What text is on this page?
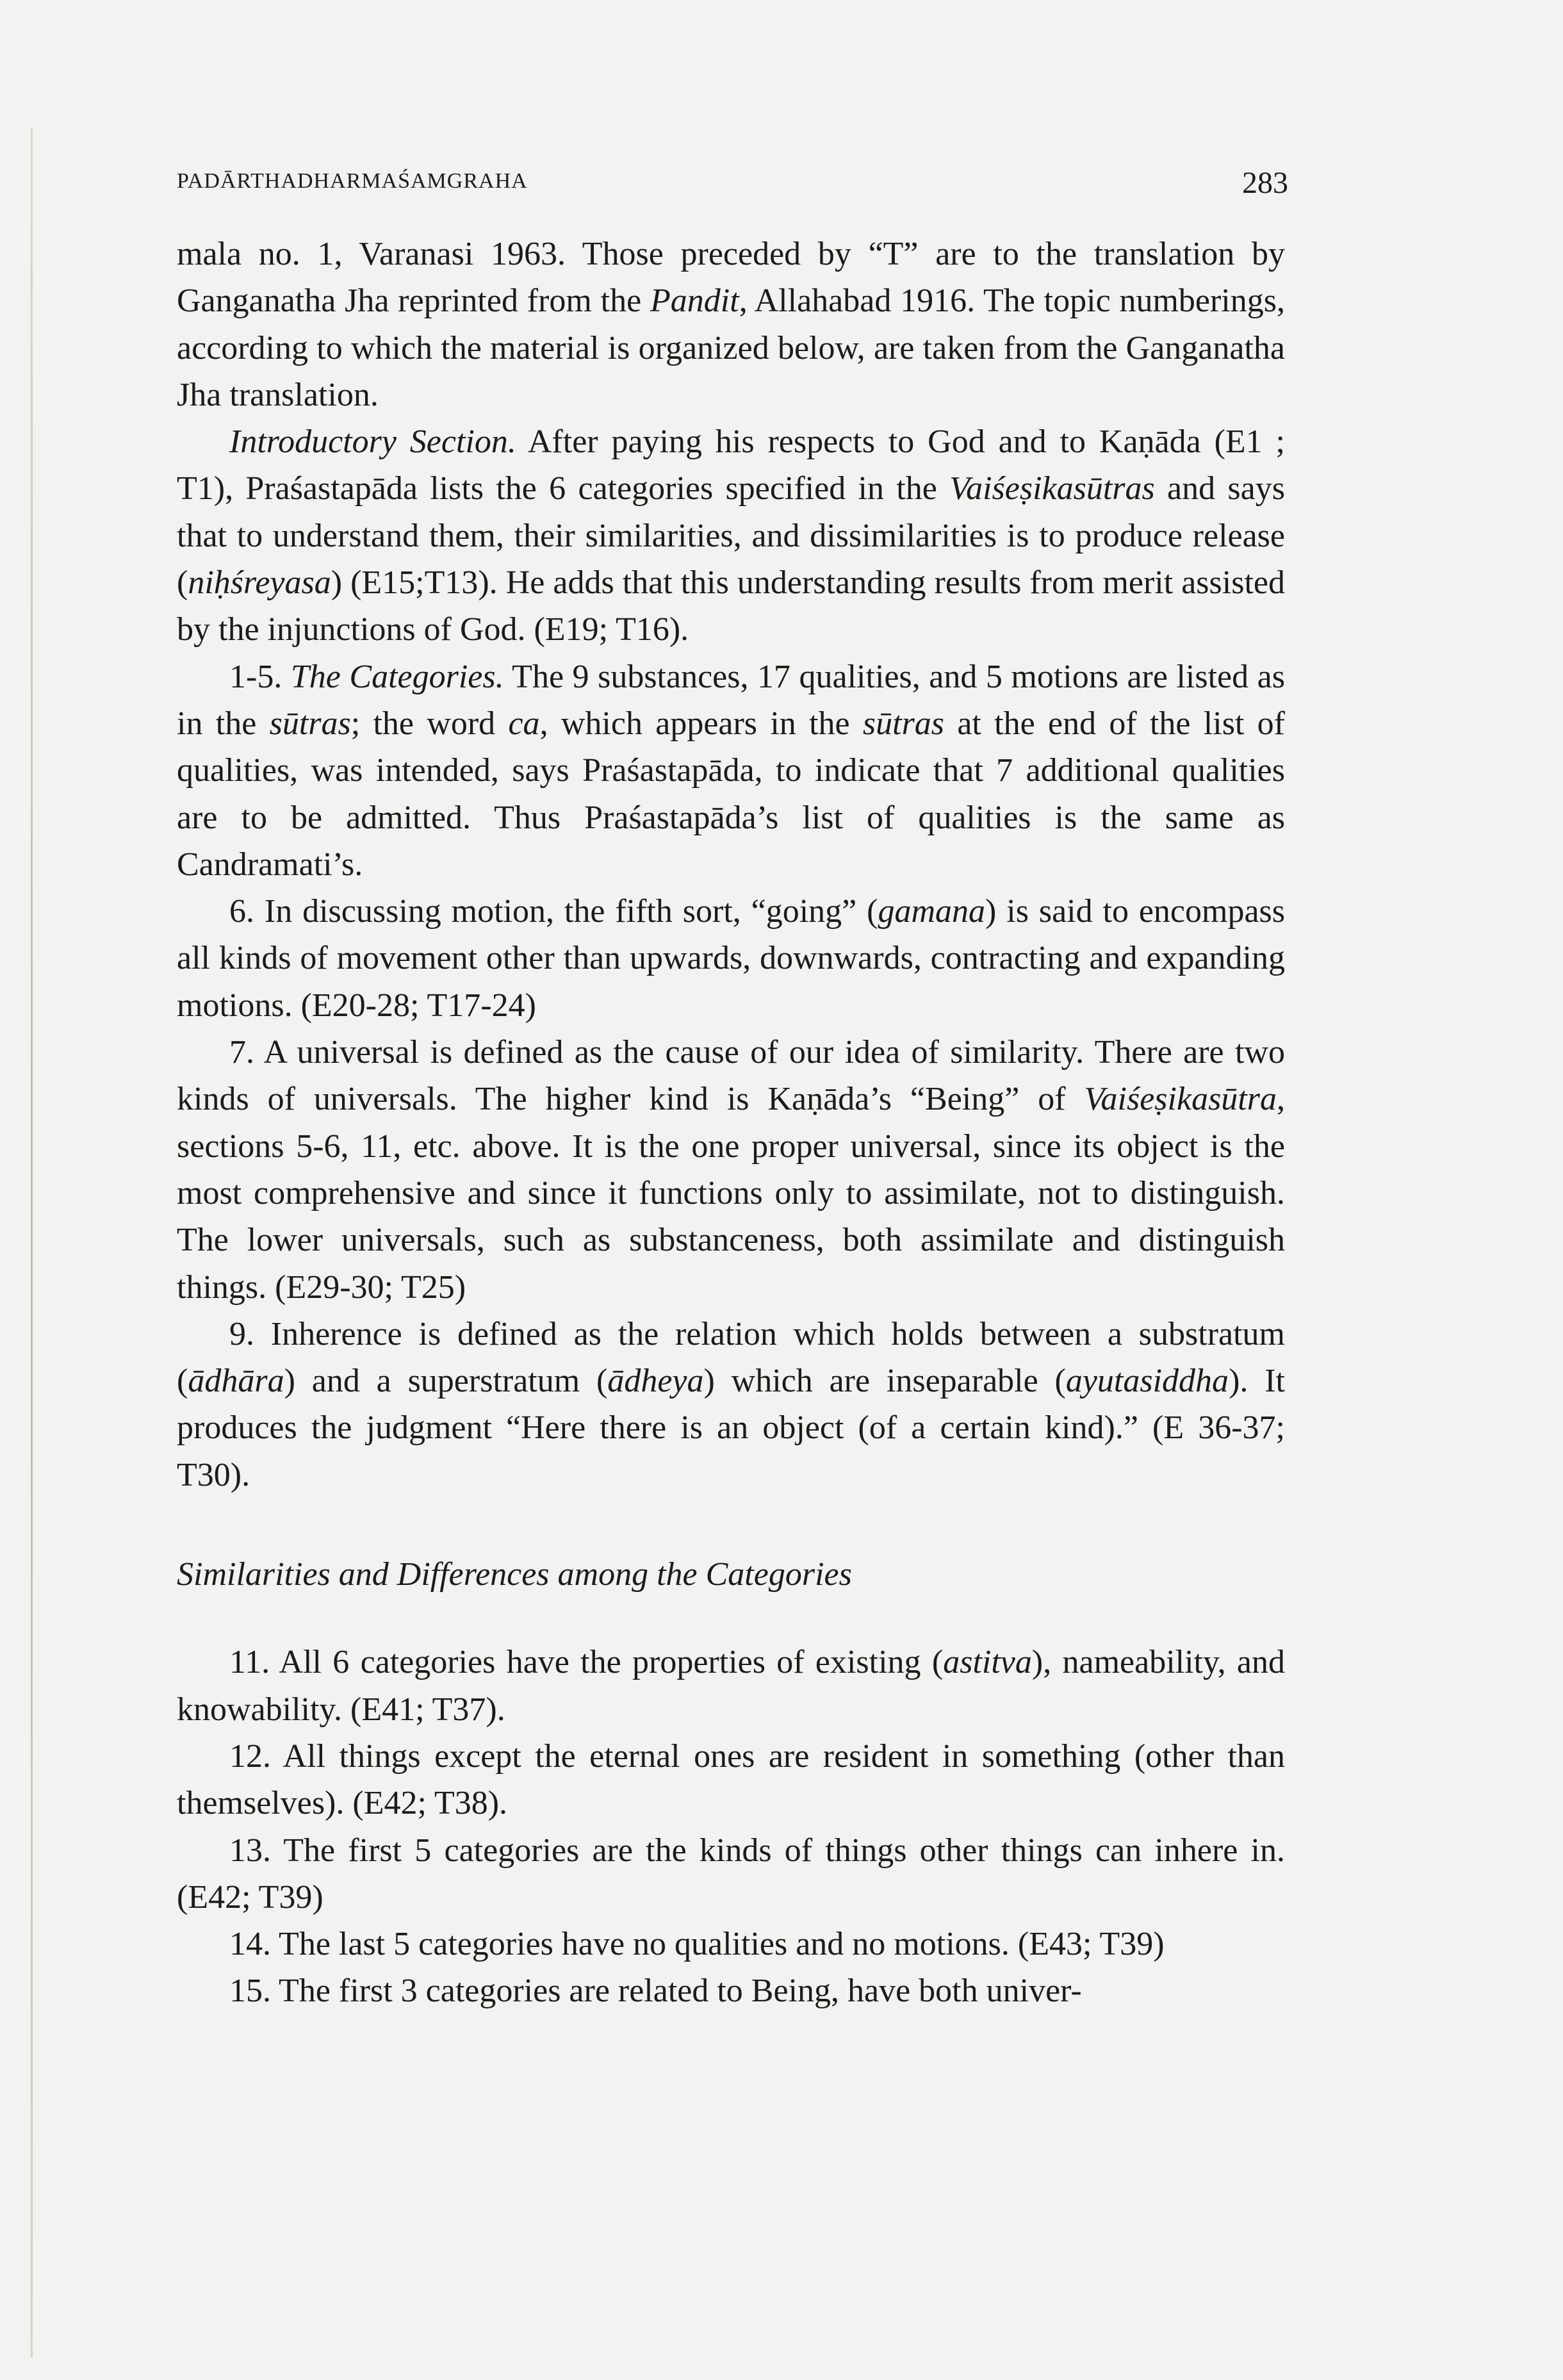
PADĀRTHADHARMAŚAMGRAHA	283

mala no. 1, Varanasi 1963. Those preceded by “T” are to the translation by Ganganatha Jha reprinted from the Pandit, Allahabad 1916. The topic numberings, according to which the material is organized below, are taken from the Ganganatha Jha translation.

Introductory Section. After paying his respects to God and to Kaṇāda (E1 ; T1), Praśastapāda lists the 6 categories specified in the Vaiśeṣikasūtras and says that to understand them, their similarities, and dissimilarities is to produce release (niḥśreyasa) (E15;T13). He adds that this understanding results from merit assisted by the injunctions of God. (E19; T16).

1-5. The Categories. The 9 substances, 17 qualities, and 5 motions are listed as in the sūtras; the word ca, which appears in the sūtras at the end of the list of qualities, was intended, says Praśastapāda, to indicate that 7 additional qualities are to be admitted. Thus Praśastapāda’s list of qualities is the same as Candramati’s.

6. In discussing motion, the fifth sort, “going” (gamana) is said to encompass all kinds of movement other than upwards, downwards, contracting and expanding motions. (E20-28; T17-24)

7. A universal is defined as the cause of our idea of similarity. There are two kinds of universals. The higher kind is Kaṇāda’s “Being” of Vaiśeṣikasūtra, sections 5-6, 11, etc. above. It is the one proper universal, since its object is the most comprehensive and since it functions only to assimilate, not to distinguish. The lower universals, such as substanceness, both assimilate and distinguish things. (E29-30; T25)

9. Inherence is defined as the relation which holds between a substratum (ādhāra) and a superstratum (ādheya) which are inseparable (ayutasiddha). It produces the judgment “Here there is an object (of a certain kind).” (E 36-37; T30).

Similarities and Differences among the Categories

11. All 6 categories have the properties of existing (astitva), nameability, and knowability. (E41; T37).

12. All things except the eternal ones are resident in something (other than themselves). (E42; T38).

13. The first 5 categories are the kinds of things other things can inhere in. (E42; T39)

14. The last 5 categories have no qualities and no motions. (E43; T39)

15. The first 3 categories are related to Being, have both univer-
